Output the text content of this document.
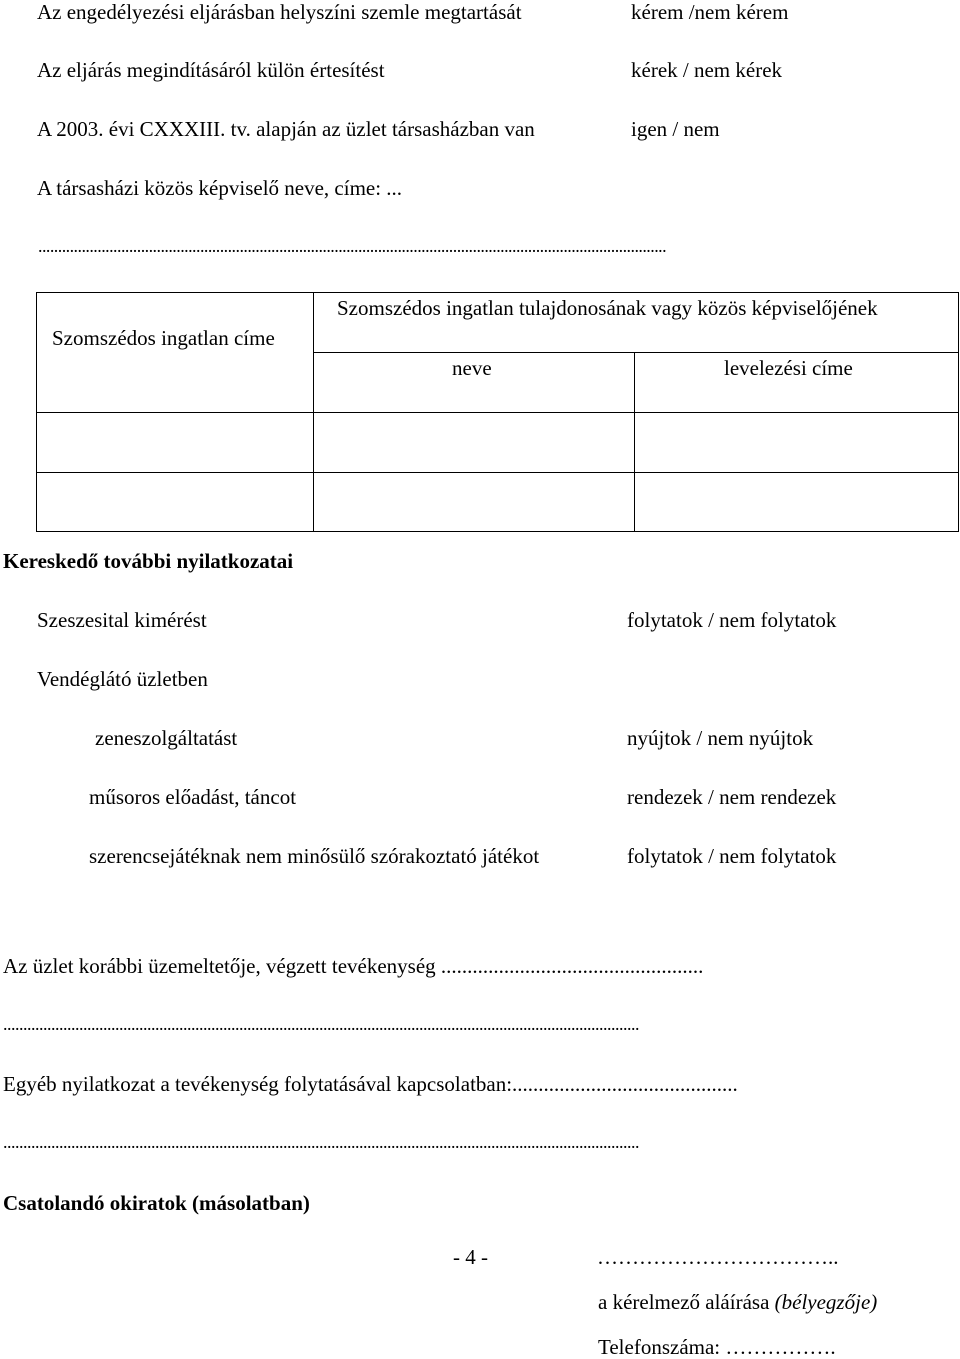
Az engedélyezési eljárásban helyszíni szemle megtartását	kérem /nem kérem
Az eljárás megindításáról külön értesítést	kérek / nem kérek
A 2003. évi CXXXIII. tv. alapján az üzlet társasházban van	igen / nem
A társasházi közös képviselő neve, címe: ...
...............................................................................................................................................................
Szomszédos ingatlan címe
Szomszédos ingatlan tulajdonosának vagy közös képviselőjének
neve	levelezési címe
Kereskedő további nyilatkozatai
Szeszesital kimérést	folytatok / nem folytatok
Vendéglátó üzletben
zeneszolgáltatást	nyújtok / nem nyújtok
műsoros előadást, táncot	rendezek / nem rendezek
szerencsejátéknak nem minősülő szórakoztató játékot	folytatok / nem folytatok
Az üzlet korábbi üzemeltetője, végzett tevékenység ..................................................
...............................................................................................................................................................
Egyéb nyilatkozat a tevékenység folytatásával kapcsolatban:...........................................
...............................................................................................................................................................
Csatolandó okiratok (másolatban)
- 4 -	……………………………..
a kérelmező aláírása (bélyegzője)
Telefonszáma: …………….
